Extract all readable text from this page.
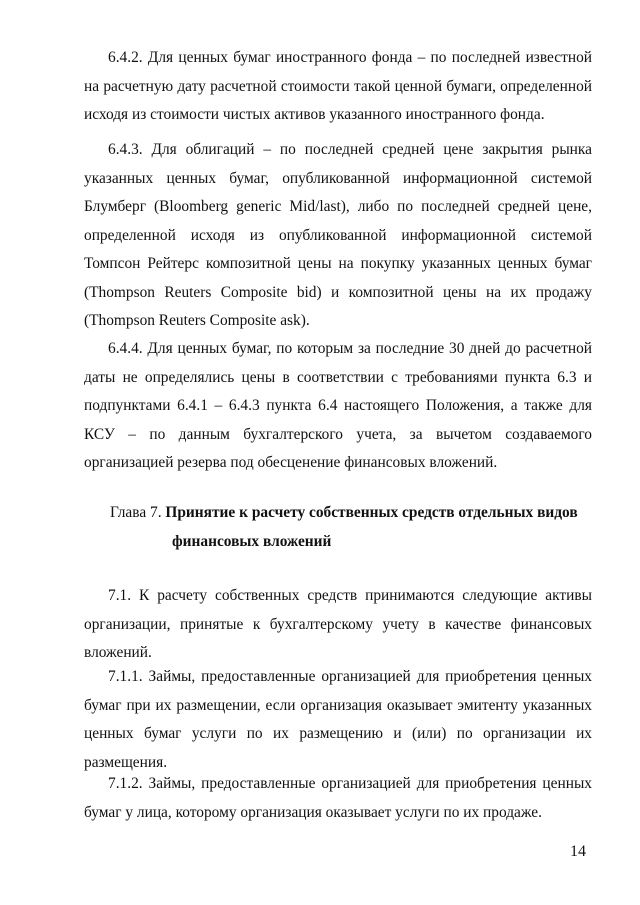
6.4.2. Для ценных бумаг иностранного фонда – по последней известной на расчетную дату расчетной стоимости такой ценной бумаги, определенной исходя из стоимости чистых активов указанного иностранного фонда.
6.4.3. Для облигаций – по последней средней цене закрытия рынка указанных ценных бумаг, опубликованной информационной системой Блумберг (Bloomberg generic Mid/last), либо по последней средней цене, определенной исходя из опубликованной информационной системой Томпсон Рейтерс композитной цены на покупку указанных ценных бумаг (Thompson Reuters Composite bid) и композитной цены на их продажу (Thompson Reuters Composite ask).
6.4.4. Для ценных бумаг, по которым за последние 30 дней до расчетной даты не определялись цены в соответствии с требованиями пункта 6.3 и подпунктами 6.4.1 – 6.4.3 пункта 6.4 настоящего Положения, а также для КСУ – по данным бухгалтерского учета, за вычетом создаваемого организацией резерва под обесценение финансовых вложений.
Глава 7. Принятие к расчету собственных средств отдельных видов
финансовых вложений
7.1. К расчету собственных средств принимаются следующие активы организации, принятые к бухгалтерскому учету в качестве финансовых вложений.
7.1.1. Займы, предоставленные организацией для приобретения ценных бумаг при их размещении, если организация оказывает эмитенту указанных ценных бумаг услуги по их размещению и (или) по организации их размещения.
7.1.2. Займы, предоставленные организацией для приобретения ценных бумаг у лица, которому организация оказывает услуги по их продаже.
14
